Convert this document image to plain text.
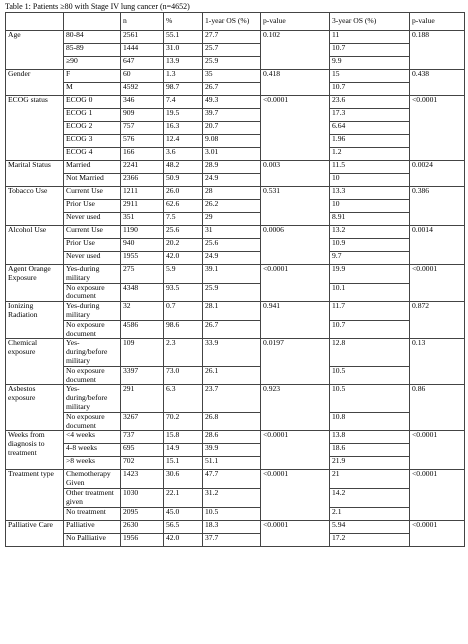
Table 1: Patients ≥80 with Stage IV lung cancer (n=4652)
		n	%	1-year OS (%)	p-value	3-year OS (%)	p-value
Age	80-84	2561	55.1	27.7	0.102	11	0.188
	85-89	1444	31.0	25.7		10.7	
	≥90	647	13.9	25.9		9.9	
Gender	F	60	1.3	35	0.418	15	0.438
	M	4592	98.7	26.7		10.7	
ECOG status	ECOG 0	346	7.4	49.3	<0.0001	23.6	<0.0001
	ECOG 1	909	19.5	39.7		17.3	
	ECOG 2	757	16.3	20.7		6.64	
	ECOG 3	576	12.4	9.08		1.96	
	ECOG 4	166	3.6	3.01		1.2	
Marital Status	Married	2241	48.2	28.9	0.003	11.5	0.0024
	Not Married	2366	50.9	24.9		10	
Tobacco Use	Current Use	1211	26.0	28	0.531	13.3	0.386
	Prior Use	2911	62.6	26.2		10	
	Never used	351	7.5	29		8.91	
Alcohol Use	Current Use	1190	25.6	31	0.0006	13.2	0.0014
	Prior Use	940	20.2	25.6		10.9	
	Never used	1955	42.0	24.9		9.7	
Agent Orange Exposure	Yes-during military	275	5.9	39.1	<0.0001	19.9	<0.0001
	No exposure document	4348	93.5	25.9		10.1	
Ionizing Radiation	Yes-during military	32	0.7	28.1	0.941	11.7	0.872
	No exposure document	4586	98.6	26.7		10.7	
Chemical exposure	Yes-during/before military	109	2.3	33.9	0.0197	12.8	0.13
	No exposure document	3397	73.0	26.1		10.5	
Asbestos exposure	Yes-during/before military	291	6.3	23.7	0.923	10.5	0.86
	No exposure document	3267	70.2	26.8		10.8	
Weeks from diagnosis to treatment	<4 weeks	737	15.8	28.6	<0.0001	13.8	<0.0001
	4-8 weeks	695	14.9	39.9		18.6	
	>8 weeks	702	15.1	51.1		21.9	
Treatment type	Chemotherapy Given	1423	30.6	47.7	<0.0001	21	<0.0001
	Other treatment given	1030	22.1	31.2		14.2	
	No treatment	2095	45.0	10.5		2.1	
Palliative Care	Palliative	2630	56.5	18.3	<0.0001	5.94	<0.0001
	No Palliative	1956	42.0	37.7		17.2	
